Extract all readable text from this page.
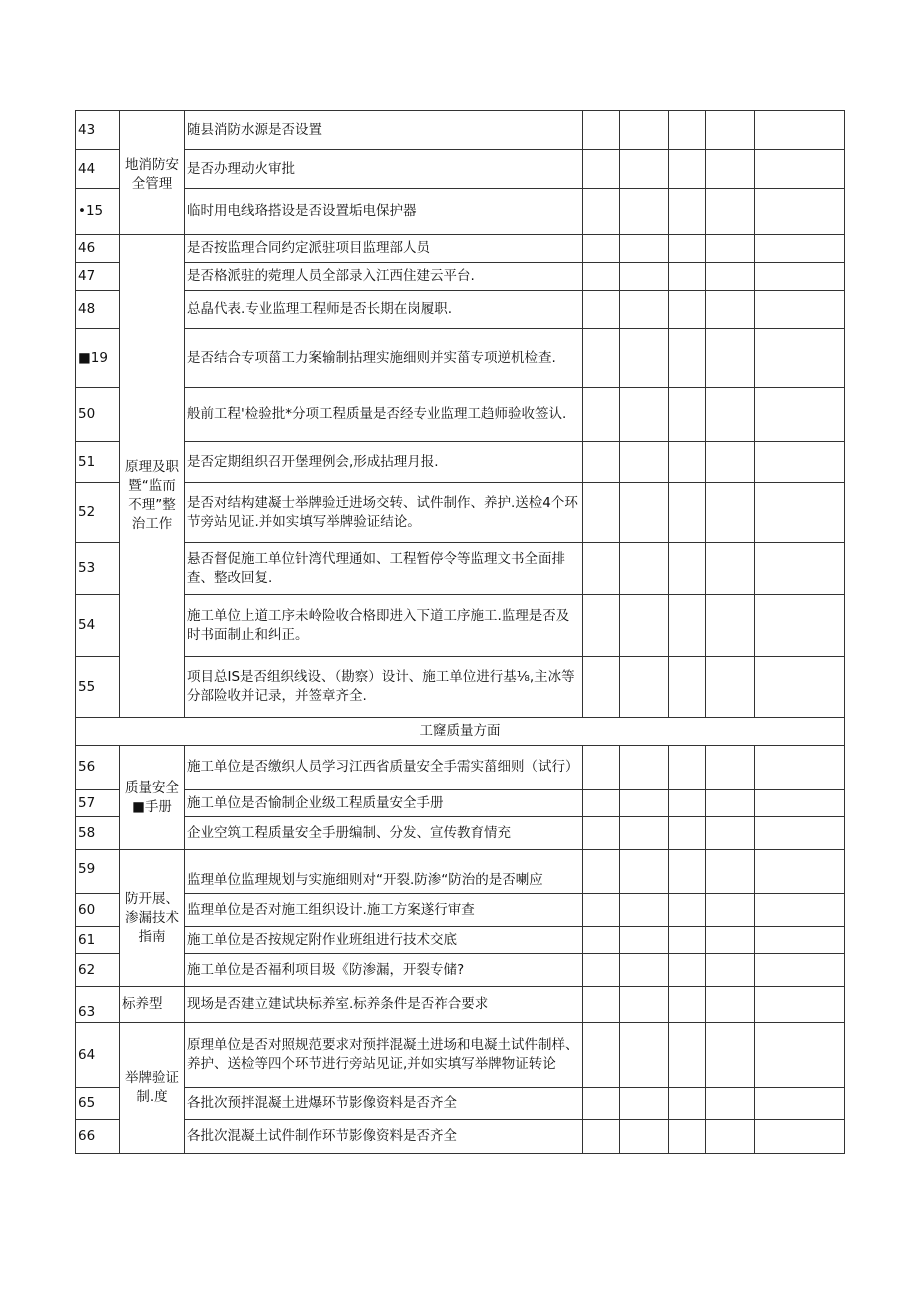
43	地消防安全管理	随县消防水源是否设置					
44		是否办理动火审批					
•15		临时用电线珞搭设是否设置垢电保护器					
46	原理及职暨“监而不理”整治工作	是否按监理合同约定派驻项目监理部人员					
47		是否格派驻的菀理人员全部录入江西住建云平台.					
48		总皛代表.专业监理工程师是否长期在岗履职.					
■19		是否结合专项菑工力案输制拈理实施细则并实菑专项逆机检查.					
50		般前工程'检验批*分项工程质量是否经专业监理工趋师验收签认.					
51		是否定期组织召开堡理例会,形成拈理月报.					
52		是否对结构建凝士举牌验迁进场交转、试件制作、养护.送检4个环节旁站见证.并如实填写举牌验证结论。					
53		悬否督促施工单位针湾代理通如、工程暂停令等监理文书全面排查、整改回复.					
54		施工单位上道工序未岭险收合格即进入下道工序施工.监理是否及时书面制止和纠正。					
55		项目总IS是否组织线设、（勘察）设计、施工单位进行基⅛,主冰等分部险收并记录，并签章齐全.					
工窿质量方面							
56	质量安全■手册	施工单位是否缴织人员学习江西省质量安全手需实菑细则（试行）					
57		施工单位是否愉制企业级工程质量安全手册					
58		企业空筑工程质量安全手册编制、分发、宣传教育情充					
59	防开展、渗漏技术指南	监理单位监理规划与实施细则对“开裂.防渗“防治的是否喇应					
60		监理单位是否对施工组织设计.施工方案遂行审查					
61		施工单位是否按规定附作业班组进行技术交底					
62		施工单位是否福利项目圾《防渗漏，开裂专储?					
63	标养型	现场是否建立建试块标养室.标养条件是否祚合要求					
64	举牌验证制.度	原理单位是否对照规范要求对预拌混凝土进场和电凝土试件制样、养护、送检等四个环节进行旁站见证,并如实填写举牌物证转论					
65		各批次预拌混凝土进爆环节影像资料是否齐全					
66		各批次混凝土试件制作环节影像资料是否齐全					
